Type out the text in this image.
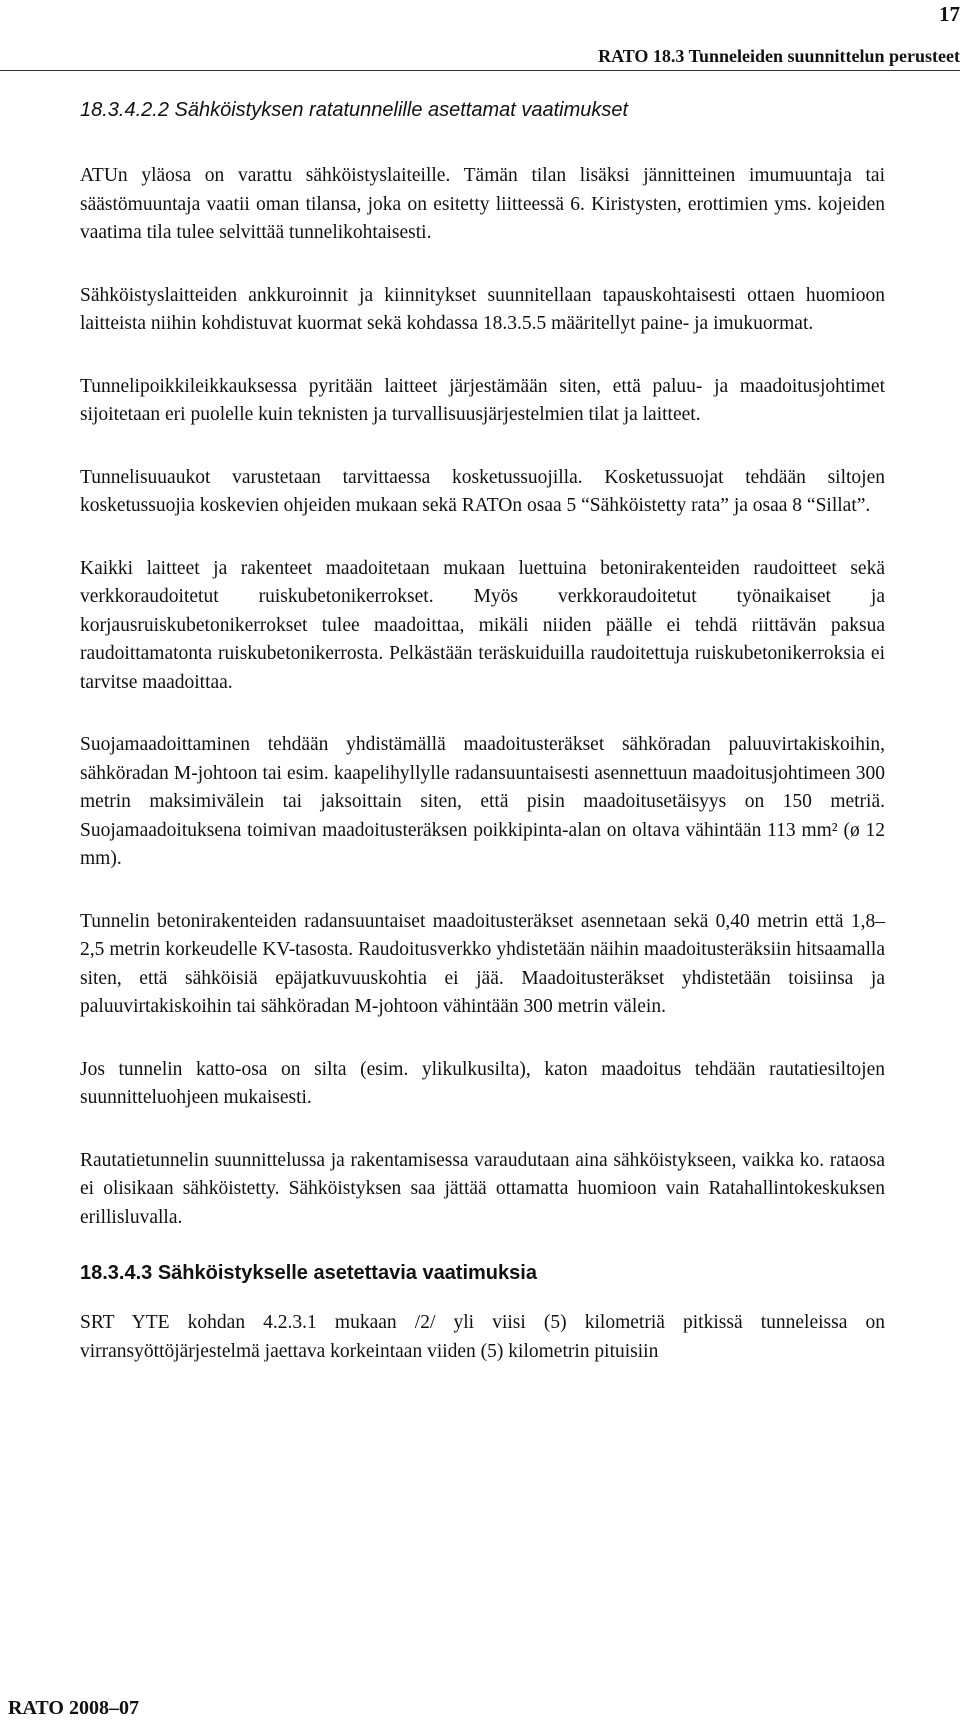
17
RATO 18.3 Tunneleiden suunnittelun perusteet
18.3.4.2.2 Sähköistyksen ratatunnelille asettamat vaatimukset

ATUn yläosa on varattu sähköistyslaiteille. Tämän tilan lisäksi jännitteinen imumuuntaja tai säästömuuntaja vaatii oman tilansa, joka on esitetty liitteessä 6. Kiristysten, erottimien yms. kojeiden vaatima tila tulee selvittää tunnelikohtaisesti.

Sähköistyslaitteiden ankkuroinnit ja kiinnitykset suunnitellaan tapauskohtaisesti ottaen huomioon laitteista niihin kohdistuvat kuormat sekä kohdassa 18.3.5.5 määritellyt paine- ja imukuormat.

Tunnelipoikkileikkauksessa pyritään laitteet järjestämään siten, että paluu- ja maadoitusjohtimet sijoitetaan eri puolelle kuin teknisten ja turvallisuusjärjestelmien tilat ja laitteet.

Tunnelisuuaukot varustetaan tarvittaessa kosketussuojilla. Kosketussuojat tehdään siltojen kosketussuojia koskevien ohjeiden mukaan sekä RATOn osaa 5 “Sähköistetty rata” ja osaa 8 “Sillat”.

Kaikki laitteet ja rakenteet maadoitetaan mukaan luettuina betonirakenteiden raudoitteet sekä verkkoraudoitetut ruiskubetonikerrokset. Myös verkkoraudoitetut työnaikaiset ja korjausruiskubetonikerrokset tulee maadoittaa, mikäli niiden päälle ei tehdä riittävän paksua raudoittamatonta ruiskubetonikerrosta. Pelkästään teräskuiduilla raudoitettuja ruiskubetonikerroksia ei tarvitse maadoittaa.

Suojamaadoittaminen tehdään yhdistämällä maadoitusteräkset sähköradan paluuvirtakiskoihin, sähköradan M-johtoon tai esim. kaapelihyllylle radansuuntaisesti asennettuun maadoitusjohtimeen 300 metrin maksimivälein tai jaksoittain siten, että pisin maadoitusetäisyys on 150 metriä. Suojamaadoituksena toimivan maadoitusteräksen poikkipinta-alan on oltava vähintään 113 mm² (ø 12 mm).

Tunnelin betonirakenteiden radansuuntaiset maadoitusteräkset asennetaan sekä 0,40 metrin että 1,8–2,5 metrin korkeudelle KV-tasosta. Raudoitusverkko yhdistetään näihin maadoitusteräksiin hitsaamalla siten, että sähköisiä epäjatkuvuuskohtia ei jää. Maadoitusteräkset yhdistetään toisiinsa ja paluuvirtakiskoihin tai sähköradan M-johtoon vähintään 300 metrin välein.

Jos tunnelin katto-osa on silta (esim. ylikulkusilta), katon maadoitus tehdään rautatiesiltojen suunnitteluohjeen mukaisesti.

Rautatietunnelin suunnittelussa ja rakentamisessa varaudutaan aina sähköistykseen, vaikka ko. rataosa ei olisikaan sähköistetty. Sähköistyksen saa jättää ottamatta huomioon vain Ratahallintokeskuksen erillisluvalla.

18.3.4.3 Sähköistykselle asetettavia vaatimuksia

SRT YTE kohdan 4.2.3.1 mukaan /2/ yli viisi (5) kilometriä pitkissä tunneleissa on virransyöttöjärjestelmä jaettava korkeintaan viiden (5) kilometrin pituisiin

RATO 2008–07
